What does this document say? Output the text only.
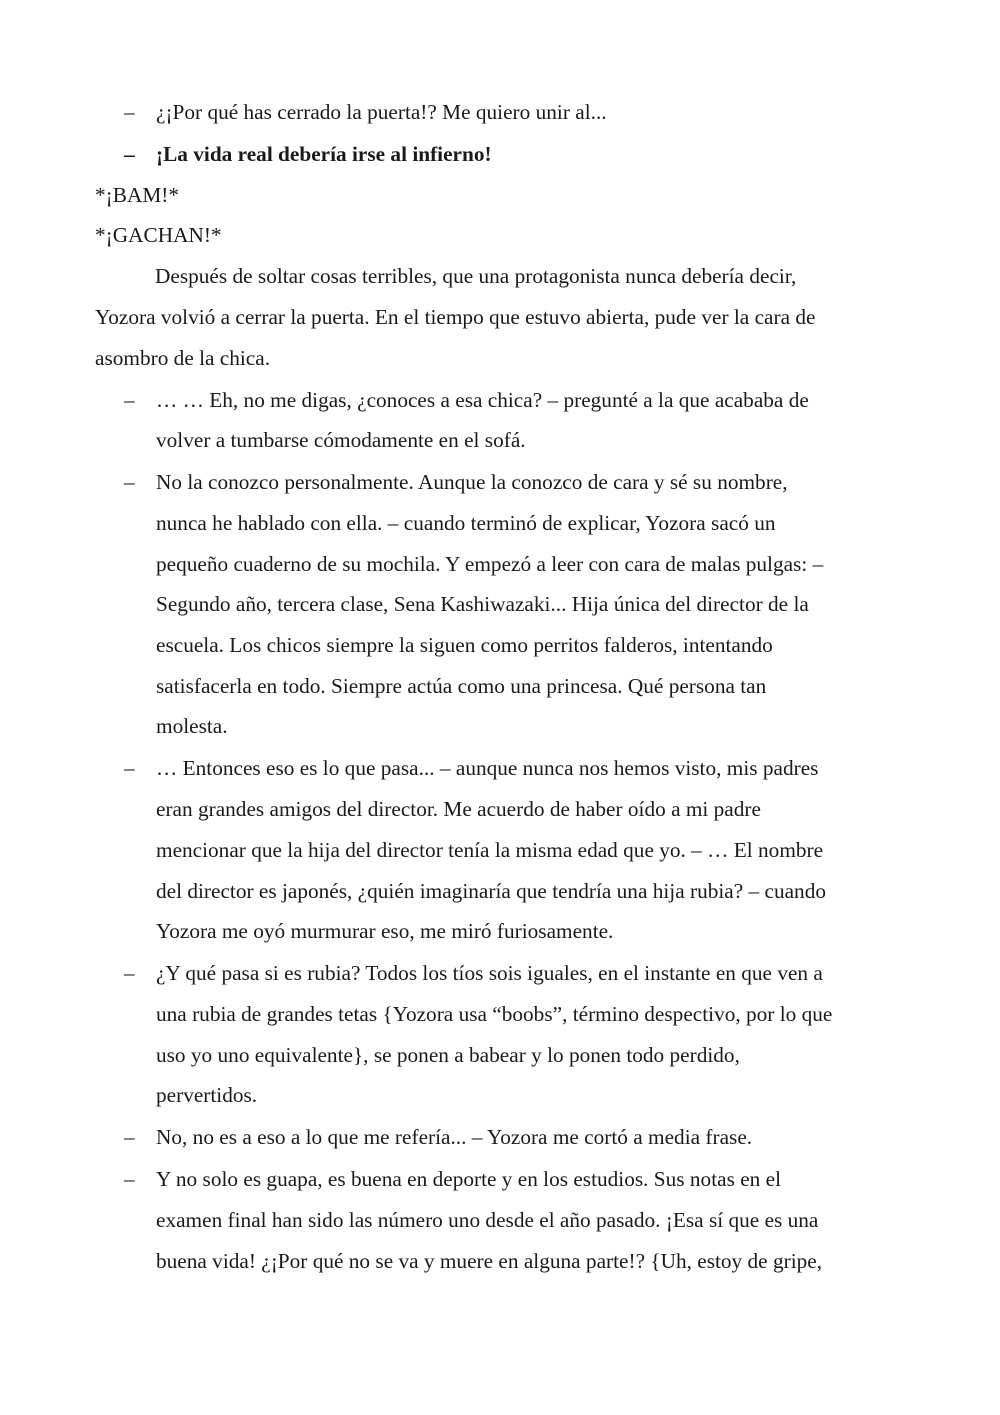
– ¿¡Por qué has cerrado la puerta!? Me quiero unir al...
– ¡La vida real debería irse al infierno!

*¡BAM!*

*¡GACHAN!*

Después de soltar cosas terribles, que una protagonista nunca debería decir,
Yozora volvió a cerrar la puerta. En el tiempo que estuvo abierta, pude ver la cara de
asombro de la chica.

– … … Eh, no me digas, ¿conoces a esa chica? – pregunté a la que acababa de
volver a tumbarse cómodamente en el sofá.
– No la conozco personalmente. Aunque la conozco de cara y sé su nombre,
nunca he hablado con ella. – cuando terminó de explicar, Yozora sacó un
pequeño cuaderno de su mochila. Y empezó a leer con cara de malas pulgas: –
Segundo año, tercera clase, Sena Kashiwazaki... Hija única del director de la
escuela. Los chicos siempre la siguen como perritos falderos, intentando
satisfacerla en todo. Siempre actúa como una princesa. Qué persona tan
molesta.
– … Entonces eso es lo que pasa... – aunque nunca nos hemos visto, mis padres
eran grandes amigos del director. Me acuerdo de haber oído a mi padre
mencionar que la hija del director tenía la misma edad que yo. – … El nombre
del director es japonés, ¿quién imaginaría que tendría una hija rubia? – cuando
Yozora me oyó murmurar eso, me miró furiosamente.
– ¿Y qué pasa si es rubia? Todos los tíos sois iguales, en el instante en que ven a
una rubia de grandes tetas {Yozora usa “boobs”, término despectivo, por lo que
uso yo uno equivalente}, se ponen a babear y lo ponen todo perdido,
pervertidos.
– No, no es a eso a lo que me refería... – Yozora me cortó a media frase.
– Y no solo es guapa, es buena en deporte y en los estudios. Sus notas en el
examen final han sido las número uno desde el año pasado. ¡Esa sí que es una
buena vida! ¿¡Por qué no se va y muere en alguna parte!? {Uh, estoy de gripe,
